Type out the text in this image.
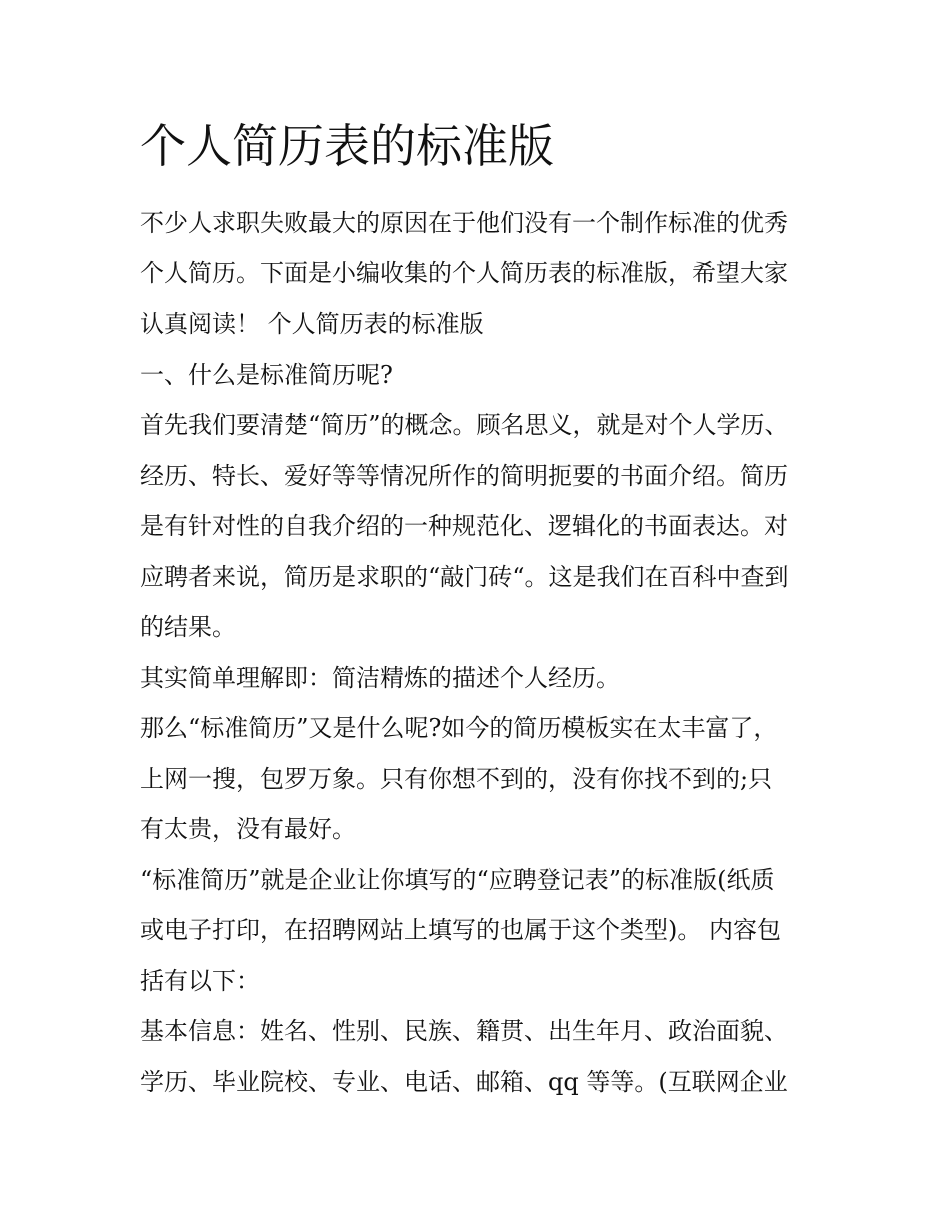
个人简历表的标准版

不少人求职失败最大的原因在于他们没有一个制作标准的优秀

个人简历。下面是小编收集的个人简历表的标准版，希望大家

认真阅读！ 个人简历表的标准版

一、什么是标准简历呢?

首先我们要清楚“简历”的概念。顾名思义，就是对个人学历、

经历、特长、爱好等等情况所作的简明扼要的书面介绍。简历

是有针对性的自我介绍的一种规范化、逻辑化的书面表达。对

应聘者来说，简历是求职的“敲门砖“。这是我们在百科中查到

的结果。

其实简单理解即：简洁精炼的描述个人经历。

那么“标准简历”又是什么呢?如今的简历模板实在太丰富了，

上网一搜，包罗万象。只有你想不到的，没有你找不到的;只

有太贵，没有最好。

“标准简历”就是企业让你填写的“应聘登记表”的标准版(纸质

或电子打印，在招聘网站上填写的也属于这个类型)。 内容包

括有以下：

基本信息：姓名、性别、民族、籍贯、出生年月、政治面貌、

学历、毕业院校、专业、电话、邮箱、qq 等等。(互联网企业
